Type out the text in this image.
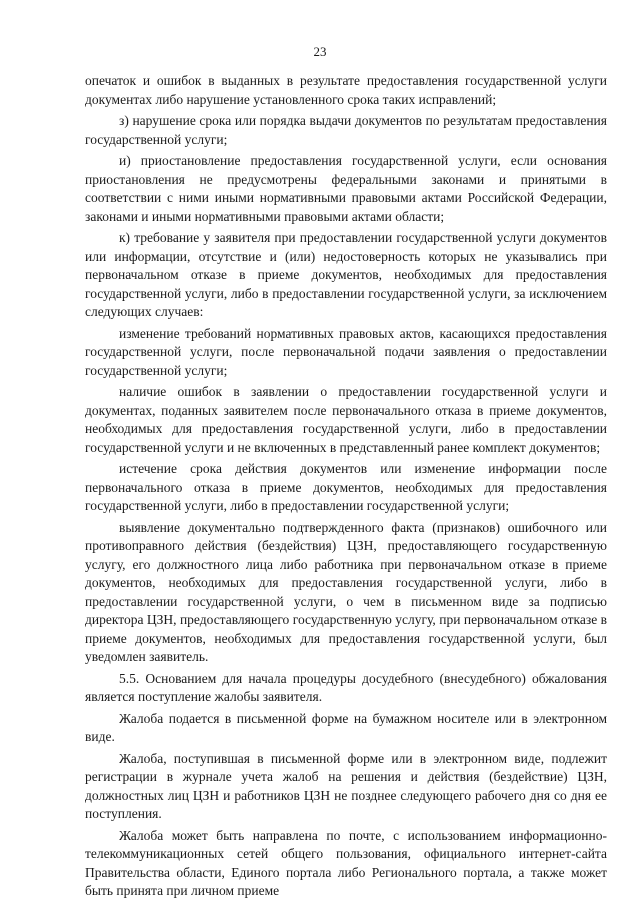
23

опечаток и ошибок в выданных в результате предоставления государственной услуги документах либо нарушение установленного срока таких исправлений;

з) нарушение срока или порядка выдачи документов по результатам предоставления государственной услуги;

и) приостановление предоставления государственной услуги, если основания приостановления не предусмотрены федеральными законами и принятыми в соответствии с ними иными нормативными правовыми актами Российской Федерации, законами и иными нормативными правовыми актами области;

к) требование у заявителя при предоставлении государственной услуги документов или информации, отсутствие и (или) недостоверность которых не указывались при первоначальном отказе в приеме документов, необходимых для предоставления государственной услуги, либо в предоставлении государственной услуги, за исключением следующих случаев:

изменение требований нормативных правовых актов, касающихся предоставления государственной услуги, после первоначальной подачи заявления о предоставлении государственной услуги;

наличие ошибок в заявлении о предоставлении государственной услуги и документах, поданных заявителем после первоначального отказа в приеме документов, необходимых для предоставления государственной услуги, либо в предоставлении государственной услуги и не включенных в представленный ранее комплект документов;

истечение срока действия документов или изменение информации после первоначального отказа в приеме документов, необходимых для предоставления государственной услуги, либо в предоставлении государственной услуги;

выявление документально подтвержденного факта (признаков) ошибочного или противоправного действия (бездействия) ЦЗН, предоставляющего государственную услугу, его должностного лица либо работника при первоначальном отказе в приеме документов, необходимых для предоставления государственной услуги, либо в предоставлении государственной услуги, о чем в письменном виде за подписью директора ЦЗН, предоставляющего государственную услугу, при первоначальном отказе в приеме документов, необходимых для предоставления государственной услуги, был уведомлен заявитель.

5.5. Основанием для начала процедуры досудебного (внесудебного) обжалования является поступление жалобы заявителя.

Жалоба подается в письменной форме на бумажном носителе или в электронном виде.

Жалоба, поступившая в письменной форме или в электронном виде, подлежит регистрации в журнале учета жалоб на решения и действия (бездействие) ЦЗН, должностных лиц ЦЗН и работников ЦЗН не позднее следующего рабочего дня со дня ее поступления.

Жалоба может быть направлена по почте, с использованием информационно-телекоммуникационных сетей общего пользования, официального интернет-сайта Правительства области, Единого портала либо Регионального портала, а также может быть принята при личном приеме
